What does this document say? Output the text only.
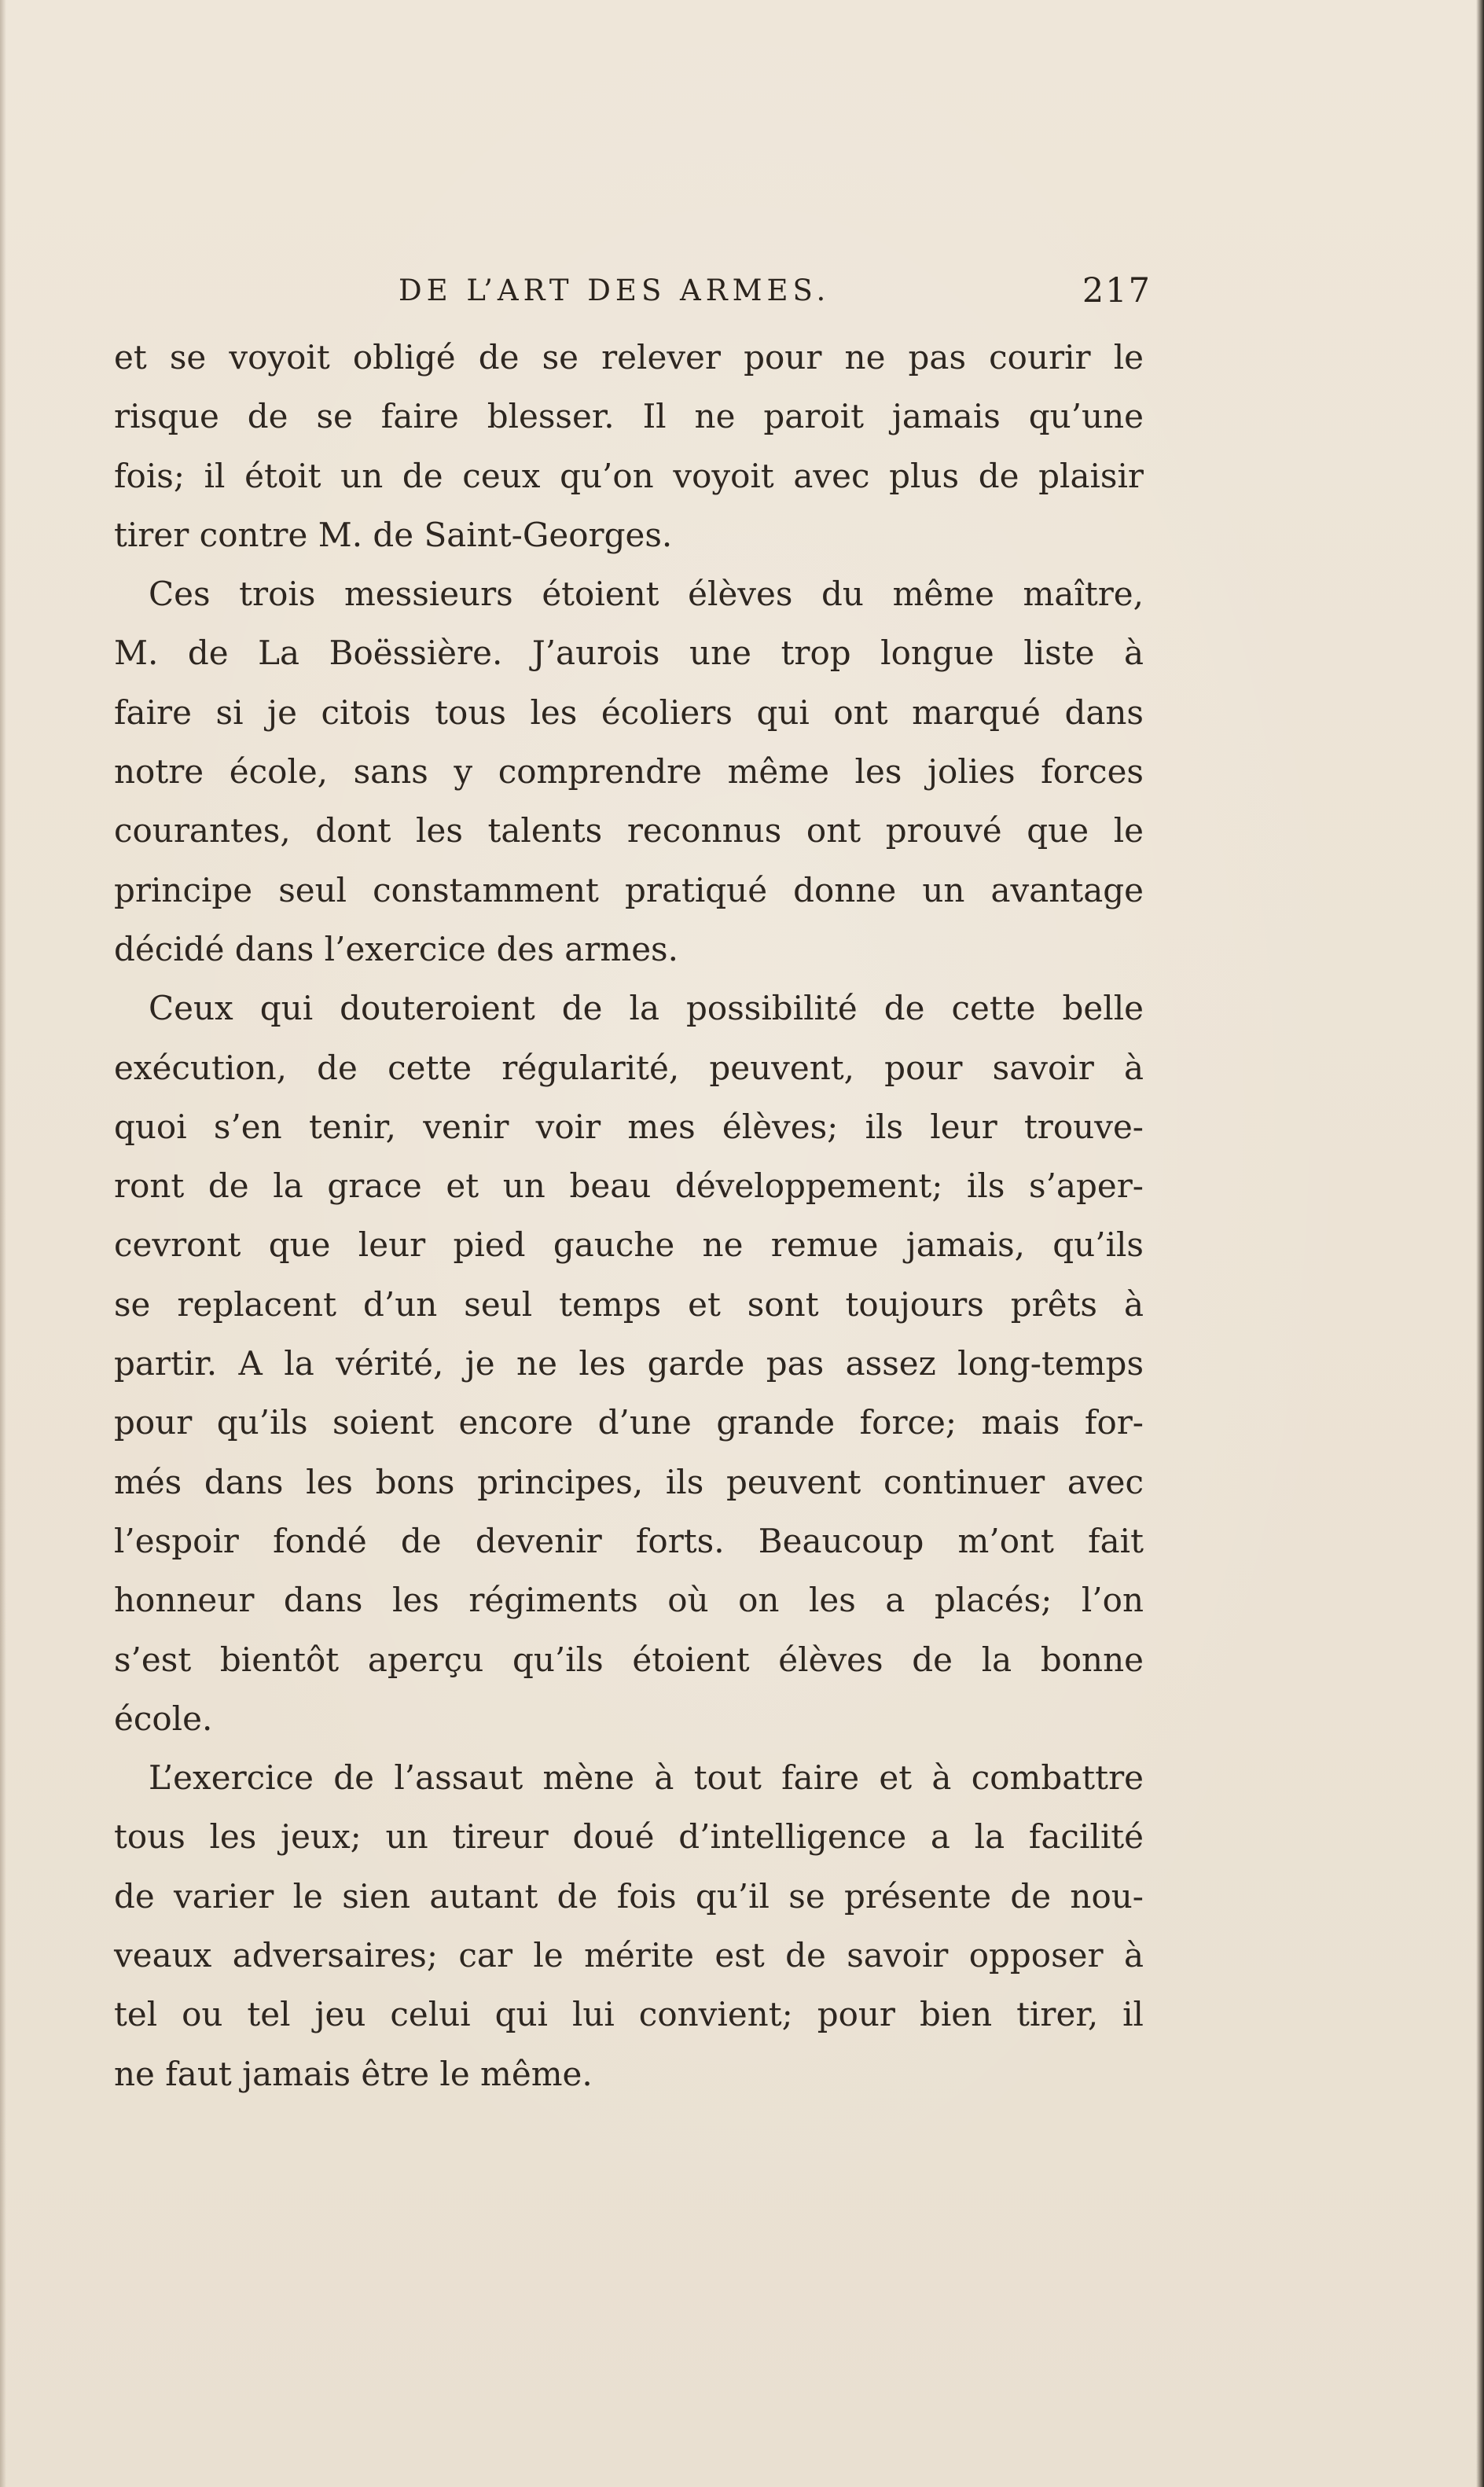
DE L’ART DES ARMES.	217
et se voyoit obligé de se relever pour ne pas courir le
risque de se faire blesser. Il ne paroit jamais qu’une
fois; il étoit un de ceux qu’on voyoit avec plus de plaisir
tirer contre M. de Saint-Georges.
Ces trois messieurs étoient élèves du même maître,
M. de La Boëssière. J’aurois une trop longue liste à
faire si je citois tous les écoliers qui ont marqué dans
notre école, sans y comprendre même les jolies forces
courantes, dont les talents reconnus ont prouvé que le
principe seul constamment pratiqué donne un avantage
décidé dans l’exercice des armes.
Ceux qui douteroient de la possibilité de cette belle
exécution, de cette régularité, peuvent, pour savoir à
quoi s’en tenir, venir voir mes élèves; ils leur trouve-
ront de la grace et un beau développement; ils s’aper-
cevront que leur pied gauche ne remue jamais, qu’ils
se replacent d’un seul temps et sont toujours prêts à
partir. A la vérité, je ne les garde pas assez long-temps
pour qu’ils soient encore d’une grande force; mais for-
més dans les bons principes, ils peuvent continuer avec
l’espoir fondé de devenir forts. Beaucoup m’ont fait
honneur dans les régiments où on les a placés; l’on
s’est bientôt aperçu qu’ils étoient élèves de la bonne
école.
L’exercice de l’assaut mène à tout faire et à combattre
tous les jeux; un tireur doué d’intelligence a la facilité
de varier le sien autant de fois qu’il se présente de nou-
veaux adversaires; car le mérite est de savoir opposer à
tel ou tel jeu celui qui lui convient; pour bien tirer, il
ne faut jamais être le même.
